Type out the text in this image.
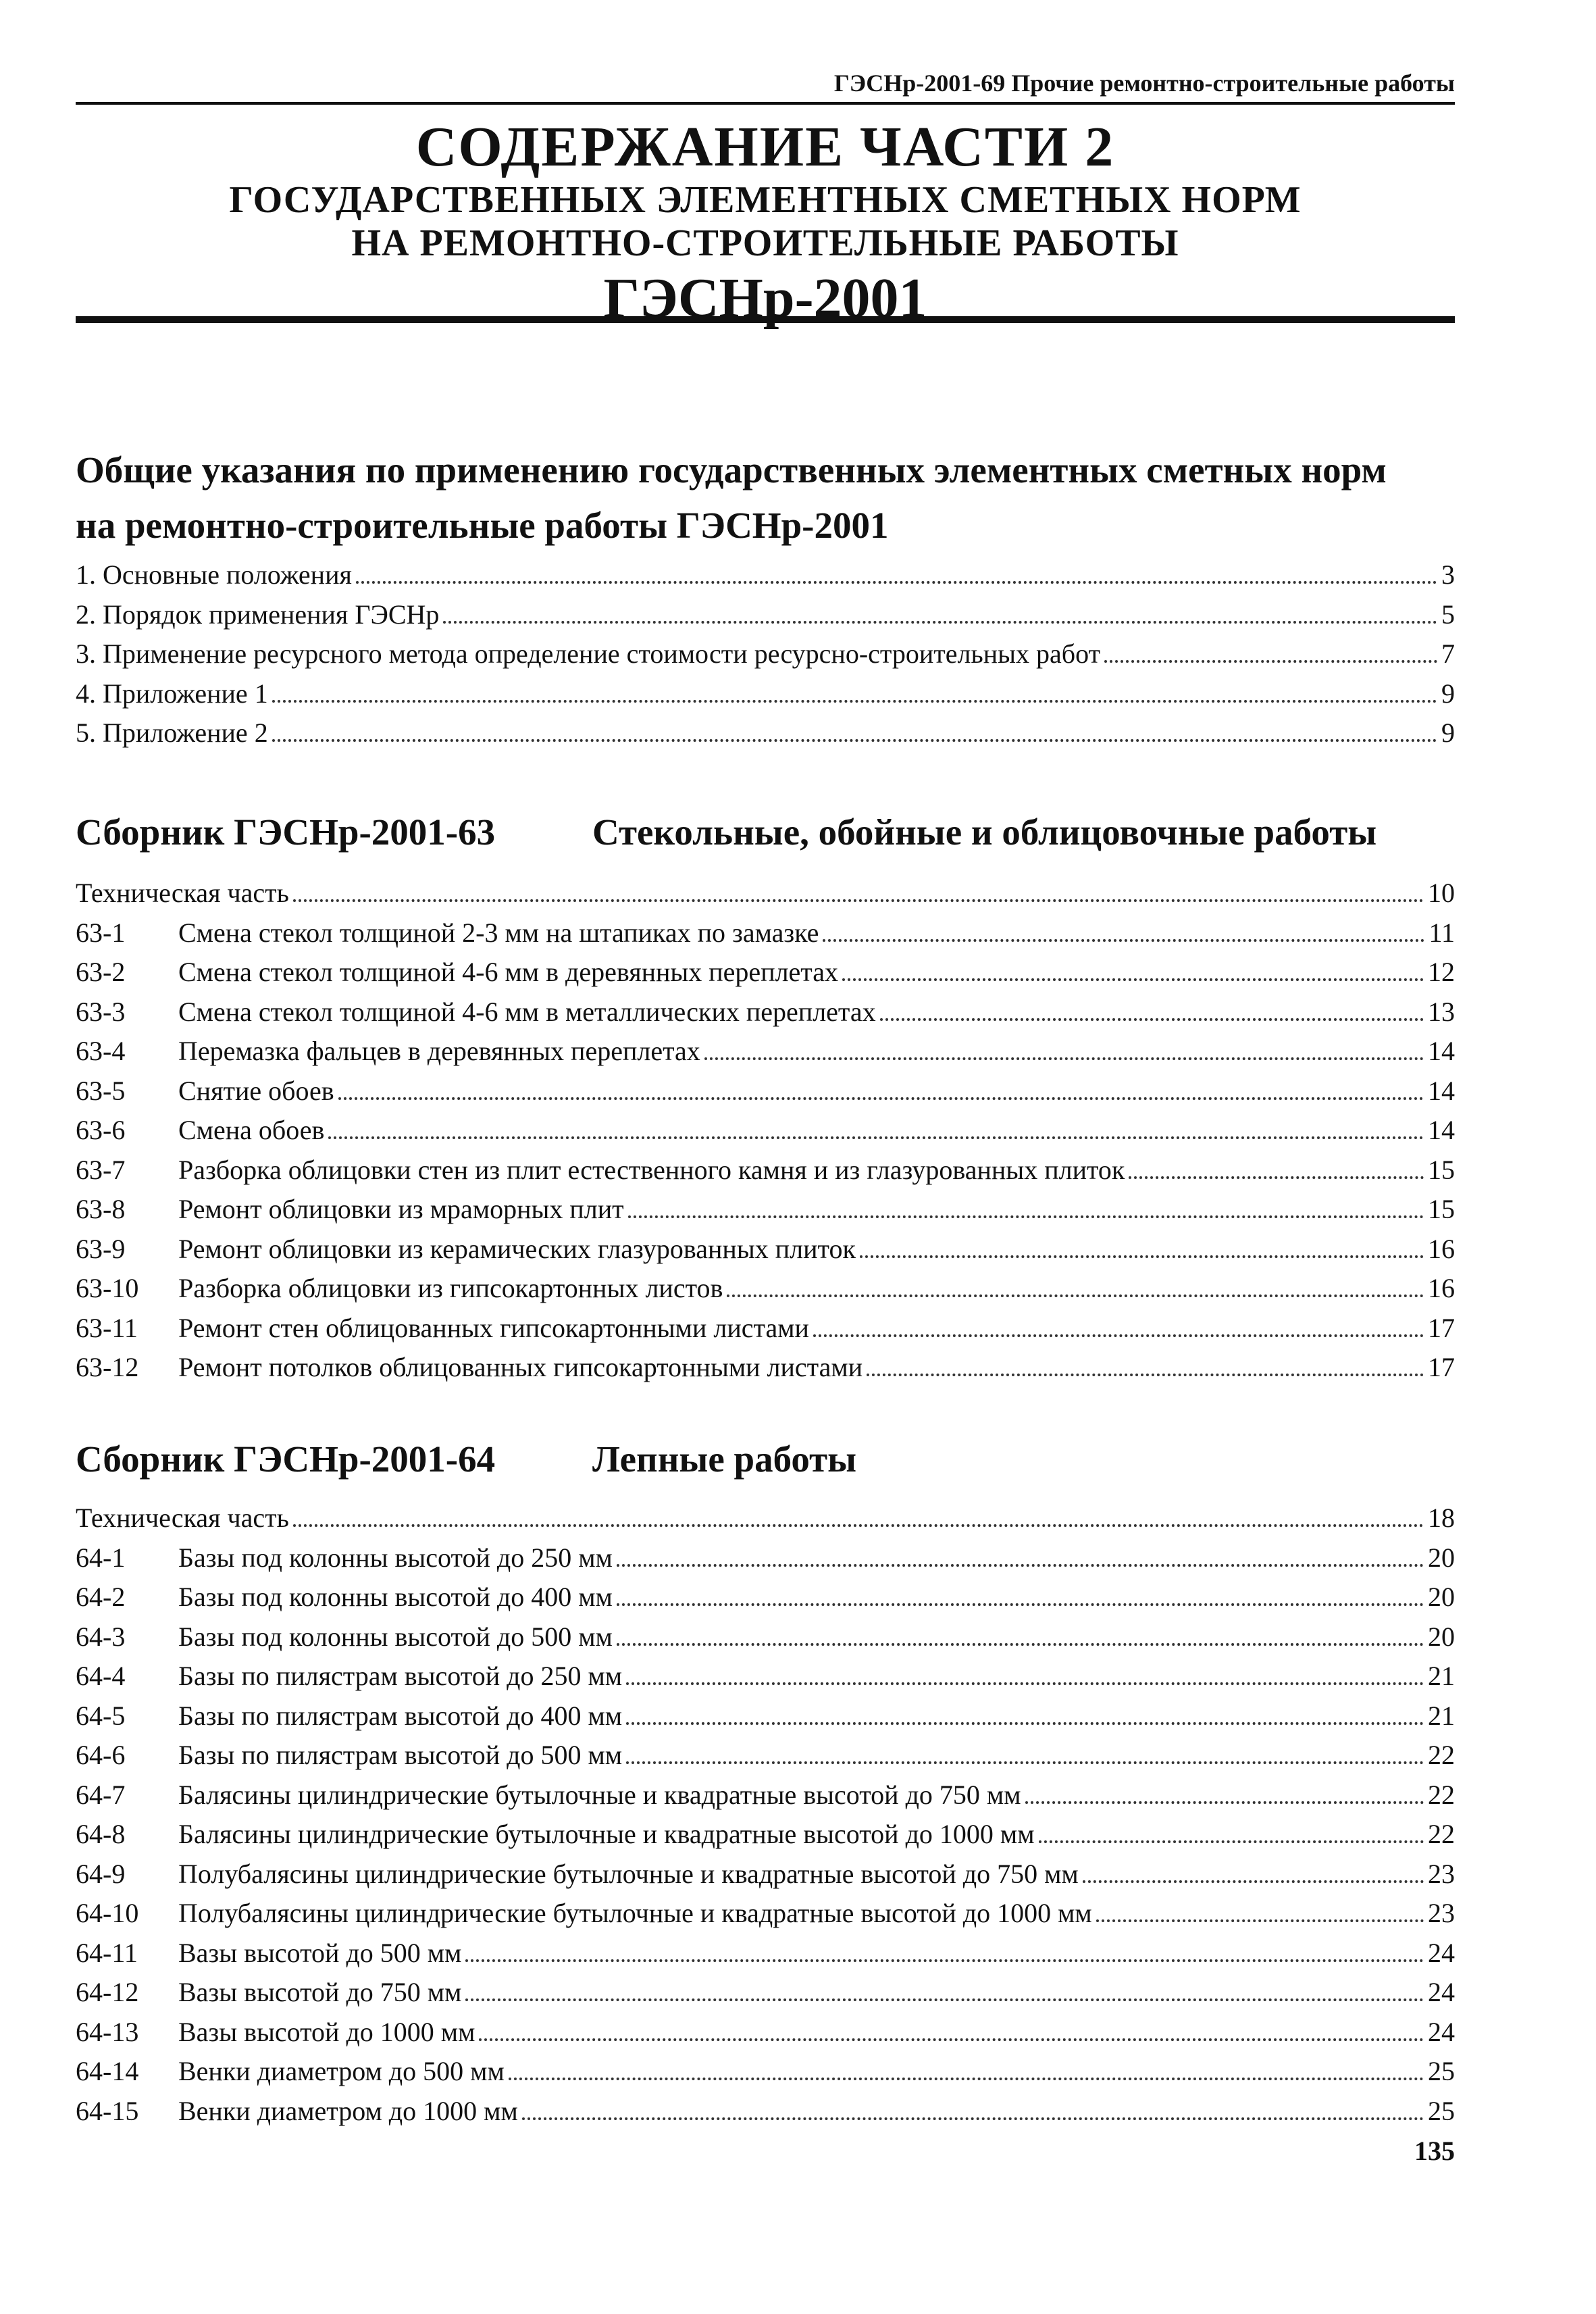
ГЭСНр-2001-69 Прочие ремонтно-строительные работы
СОДЕРЖАНИЕ ЧАСТИ 2
ГОСУДАРСТВЕННЫХ ЭЛЕМЕНТНЫХ СМЕТНЫХ НОРМ
НА РЕМОНТНО-СТРОИТЕЛЬНЫЕ РАБОТЫ
ГЭСНр-2001
Общие указания по применению государственных элементных сметных норм
на ремонтно-строительные работы ГЭСНр-2001
1. Основные положения	3
2. Порядок применения ГЭСНр	5
3. Применение ресурсного метода определение стоимости ресурсно-строительных работ	7
4. Приложение 1	9
5. Приложение 2	9
Сборник ГЭСНр-2001-63	Стекольные, обойные и облицовочные работы
Техническая часть	10
63-1	Смена стекол толщиной 2-3 мм на штапиках по замазке	11
63-2	Смена стекол толщиной 4-6 мм в деревянных переплетах	12
63-3	Смена стекол толщиной 4-6 мм в металлических переплетах	13
63-4	Перемазка фальцев в деревянных переплетах	14
63-5	Снятие обоев	14
63-6	Смена обоев	14
63-7	Разборка облицовки стен из плит естественного камня и из глазурованных плиток	15
63-8	Ремонт облицовки из мраморных плит	15
63-9	Ремонт облицовки из керамических глазурованных плиток	16
63-10	Разборка облицовки из гипсокартонных листов	16
63-11	Ремонт стен облицованных гипсокартонными листами	17
63-12	Ремонт потолков облицованных гипсокартонными листами	17
Сборник ГЭСНр-2001-64	Лепные работы
Техническая часть	18
64-1	Базы под колонны высотой до 250 мм	20
64-2	Базы под колонны высотой до 400 мм	20
64-3	Базы под колонны высотой до 500 мм	20
64-4	Базы по пилястрам высотой до 250 мм	21
64-5	Базы по пилястрам высотой до 400 мм	21
64-6	Базы по пилястрам высотой до 500 мм	22
64-7	Балясины цилиндрические бутылочные и квадратные высотой до 750 мм	22
64-8	Балясины цилиндрические бутылочные и квадратные высотой до 1000 мм	22
64-9	Полубалясины цилиндрические бутылочные и квадратные высотой до 750 мм	23
64-10	Полубалясины цилиндрические бутылочные и квадратные высотой до 1000 мм	23
64-11	Вазы высотой до 500 мм	24
64-12	Вазы высотой до 750 мм	24
64-13	Вазы высотой до 1000 мм	24
64-14	Венки диаметром до 500 мм	25
64-15	Венки диаметром до 1000 мм	25
135
